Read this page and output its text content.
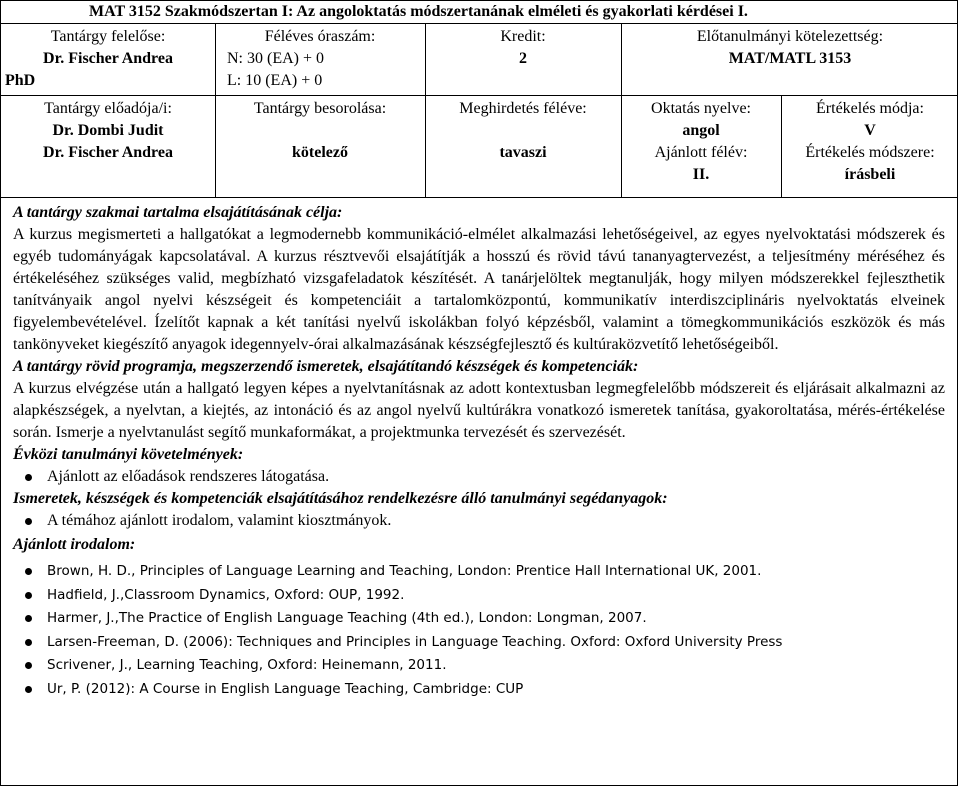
MAT 3152 Szakmódszertan I: Az angoloktatás módszertanának elméleti és gyakorlati kérdései I.
Tantárgy felelőse:
Dr. Fischer Andrea
PhD
Féléves óraszám:
N: 30 (EA) + 0
L: 10 (EA) + 0
Kredit:
2
Előtanulmányi kötelezettség:
MAT/MATL 3153
Tantárgy előadója/i:
Dr. Dombi Judit
Dr. Fischer Andrea
Tantárgy besorolása:
kötelező
Meghirdetés féléve:
tavaszi
Oktatás nyelve:
angol
Ajánlott félév:
II.
Értékelés módja:
V
Értékelés módszere:
írásbeli
A tantárgy szakmai tartalma elsajátításának célja:

A kurzus megismerteti a hallgatókat a legmodernebb kommunikáció-elmélet alkalmazási lehetőségeivel, az egyes nyelvoktatási módszerek és egyéb tudományágak kapcsolatával. A kurzus résztvevői elsajátítják a hosszú és rövid távú tananyagtervezést, a teljesítmény méréséhez és értékeléséhez szükséges valid, megbízható vizsgafeladatok készítését. A tanárjelöltek megtanulják, hogy milyen módszerekkel fejleszthetik tanítványaik angol nyelvi készségeit és kompetenciáit a tartalomközpontú, kommunikatív interdiszciplináris nyelvoktatás elveinek figyelembevételével. Ízelítőt kapnak a két tanítási nyelvű iskolákban folyó képzésből, valamint a tömegkommunikációs eszközök és más tankönyveket kiegészítő anyagok idegennyelv-órai alkalmazásának készségfejlesztő és kultúraközvetítő lehetőségeiből.

A tantárgy rövid programja, megszerzendő ismeretek, elsajátítandó készségek és kompetenciák:

A kurzus elvégzése után a hallgató legyen képes a nyelvtanításnak az adott kontextusban legmegfelelőbb módszereit és eljárásait alkalmazni az alapkészségek, a nyelvtan, a kiejtés, az intonáció és az angol nyelvű kultúrákra vonatkozó ismeretek tanítása, gyakoroltatása, mérés-értékelése során. Ismerje a nyelvtanulást segítő munkaformákat, a projektmunka tervezését és szervezését.

Évközi tanulmányi követelmények:
Ajánlott az előadások rendszeres látogatása.
Ismeretek, készségek és kompetenciák elsajátításához rendelkezésre álló tanulmányi segédanyagok:
A témához ajánlott irodalom, valamint kiosztmányok.
Ajánlott irodalom:
Brown, H. D., Principles of Language Learning and Teaching, London: Prentice Hall International UK, 2001.
Hadfield, J.,Classroom Dynamics, Oxford: OUP, 1992.
Harmer, J.,The Practice of English Language Teaching (4th ed.), London: Longman, 2007.
Larsen-Freeman, D. (2006): Techniques and Principles in Language Teaching. Oxford: Oxford University Press
Scrivener, J., Learning Teaching, Oxford: Heinemann, 2011.
Ur, P. (2012): A Course in English Language Teaching, Cambridge: CUP
